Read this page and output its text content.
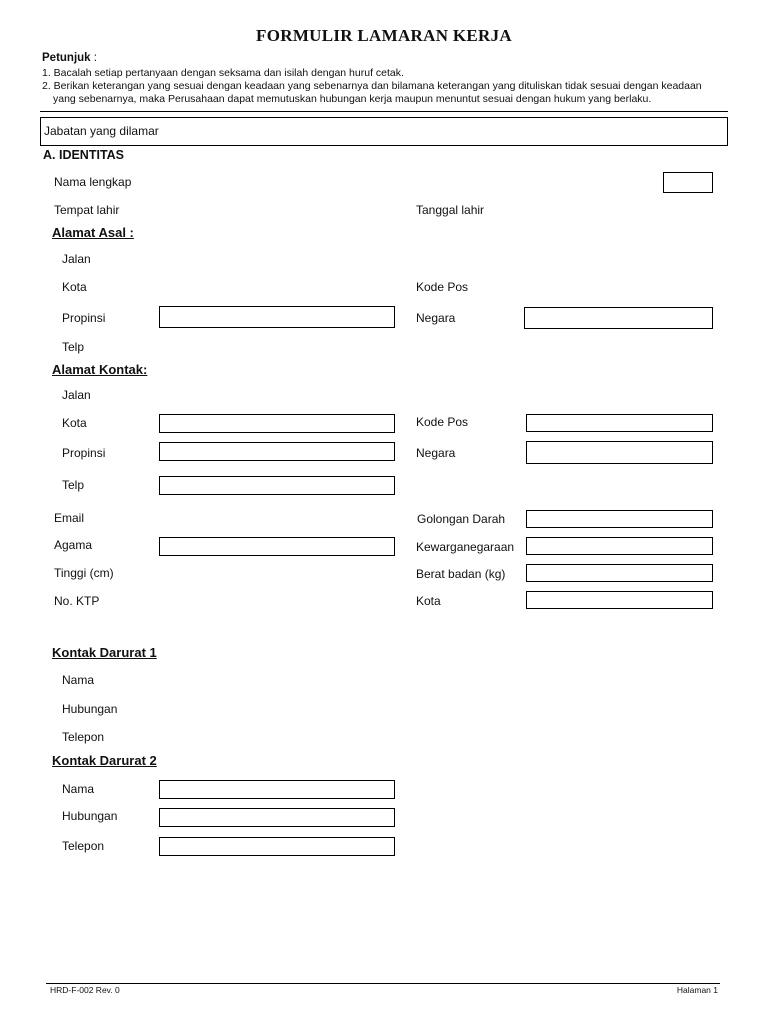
FORMULIR LAMARAN KERJA
Petunjuk :
1. Bacalah setiap pertanyaan dengan seksama dan isilah dengan huruf cetak.
2. Berikan keterangan yang sesuai dengan keadaan yang sebenarnya dan bilamana keterangan yang dituliskan tidak sesuai dengan keadaan
yang sebenarnya, maka Perusahaan dapat memutuskan hubungan kerja maupun menuntut sesuai dengan hukum yang berlaku.
Jabatan yang dilamar
A. IDENTITAS
Nama lengkap
Tempat lahir	Tanggal lahir
Alamat Asal :
Jalan
Kota	Kode Pos
Propinsi	Negara
Telp
Alamat Kontak:
Jalan
Kota	Kode Pos
Propinsi	Negara
Telp
Email	Golongan Darah
Agama	Kewarganegaraan
Tinggi (cm)	Berat badan (kg)
No. KTP	Kota
Kontak Darurat 1
Nama
Hubungan
Telepon
Kontak Darurat 2
Nama
Hubungan
Telepon
HRD-F-002 Rev. 0	Halaman 1
